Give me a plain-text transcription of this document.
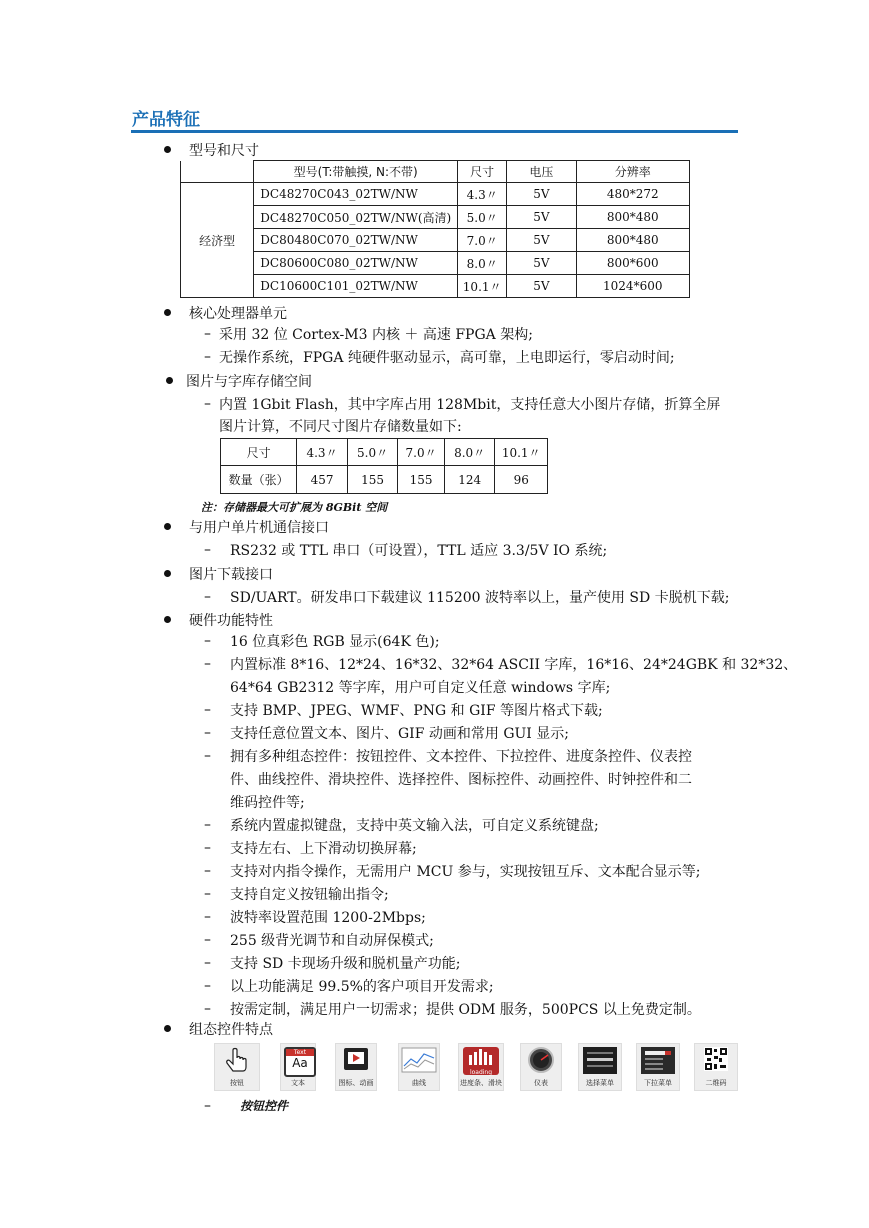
产品特征
型号和尺寸
	型号(T:带触摸, N:不带)	尺寸	电压	分辨率
经济型	DC48270C043_02TW/NW	4.3〃	5V	480*272
	DC48270C050_02TW/NW(高清)	5.0〃	5V	800*480
	DC80480C070_02TW/NW	7.0〃	5V	800*480
	DC80600C080_02TW/NW	8.0〃	5V	800*600
	DC10600C101_02TW/NW	10.1〃	5V	1024*600
核心处理器单元
– 采用 32 位 Cortex-M3 内核 ＋ 高速 FPGA 架构;
– 无操作系统，FPGA 纯硬件驱动显示，高可靠，上电即运行，零启动时间;
图片与字库存储空间
– 内置 1Gbit Flash，其中字库占用 128Mbit，支持任意大小图片存储，折算全屏
图片计算，不同尺寸图片存储数量如下:
尺寸	4.3〃	5.0〃	7.0〃	8.0〃	10.1〃
数量（张）	457	155	155	124	96
注：存储器最大可扩展为 8GBit 空间
与用户单片机通信接口
– RS232 或 TTL 串口（可设置），TTL 适应 3.3/5V IO 系统;
图片下载接口
– SD/UART。研发串口下载建议 115200 波特率以上，量产使用 SD 卡脱机下载;
硬件功能特性
– 16 位真彩色 RGB 显示(64K 色);
– 内置标准 8*16、12*24、16*32、32*64 ASCII 字库，16*16、24*24GBK 和 32*32、
64*64 GB2312 等字库，用户可自定义任意 windows 字库;
– 支持 BMP、JPEG、WMF、PNG 和 GIF 等图片格式下载;
– 支持任意位置文本、图片、GIF 动画和常用 GUI 显示;
– 拥有多种组态控件：按钮控件、文本控件、下拉控件、进度条控件、仪表控
件、曲线控件、滑块控件、选择控件、图标控件、动画控件、时钟控件和二
维码控件等;
– 系统内置虚拟键盘，支持中英文输入法，可自定义系统键盘;
– 支持左右、上下滑动切换屏幕;
– 支持对内指令操作，无需用户 MCU 参与，实现按钮互斥、文本配合显示等;
– 支持自定义按钮输出指令;
– 波特率设置范围 1200-2Mbps;
– 255 级背光调节和自动屏保模式;
– 支持 SD 卡现场升级和脱机量产功能;
– 以上功能满足 99.5%的客户项目开发需求;
– 按需定制，满足用户一切需求；提供 ODM 服务，500PCS 以上免费定制。
组态控件特点
按钮
Text
Aa
文本	图标、动画	曲线
loading
进度条、滑块	仪表	选择菜单	下拉菜单	二维码
– 按钮控件
